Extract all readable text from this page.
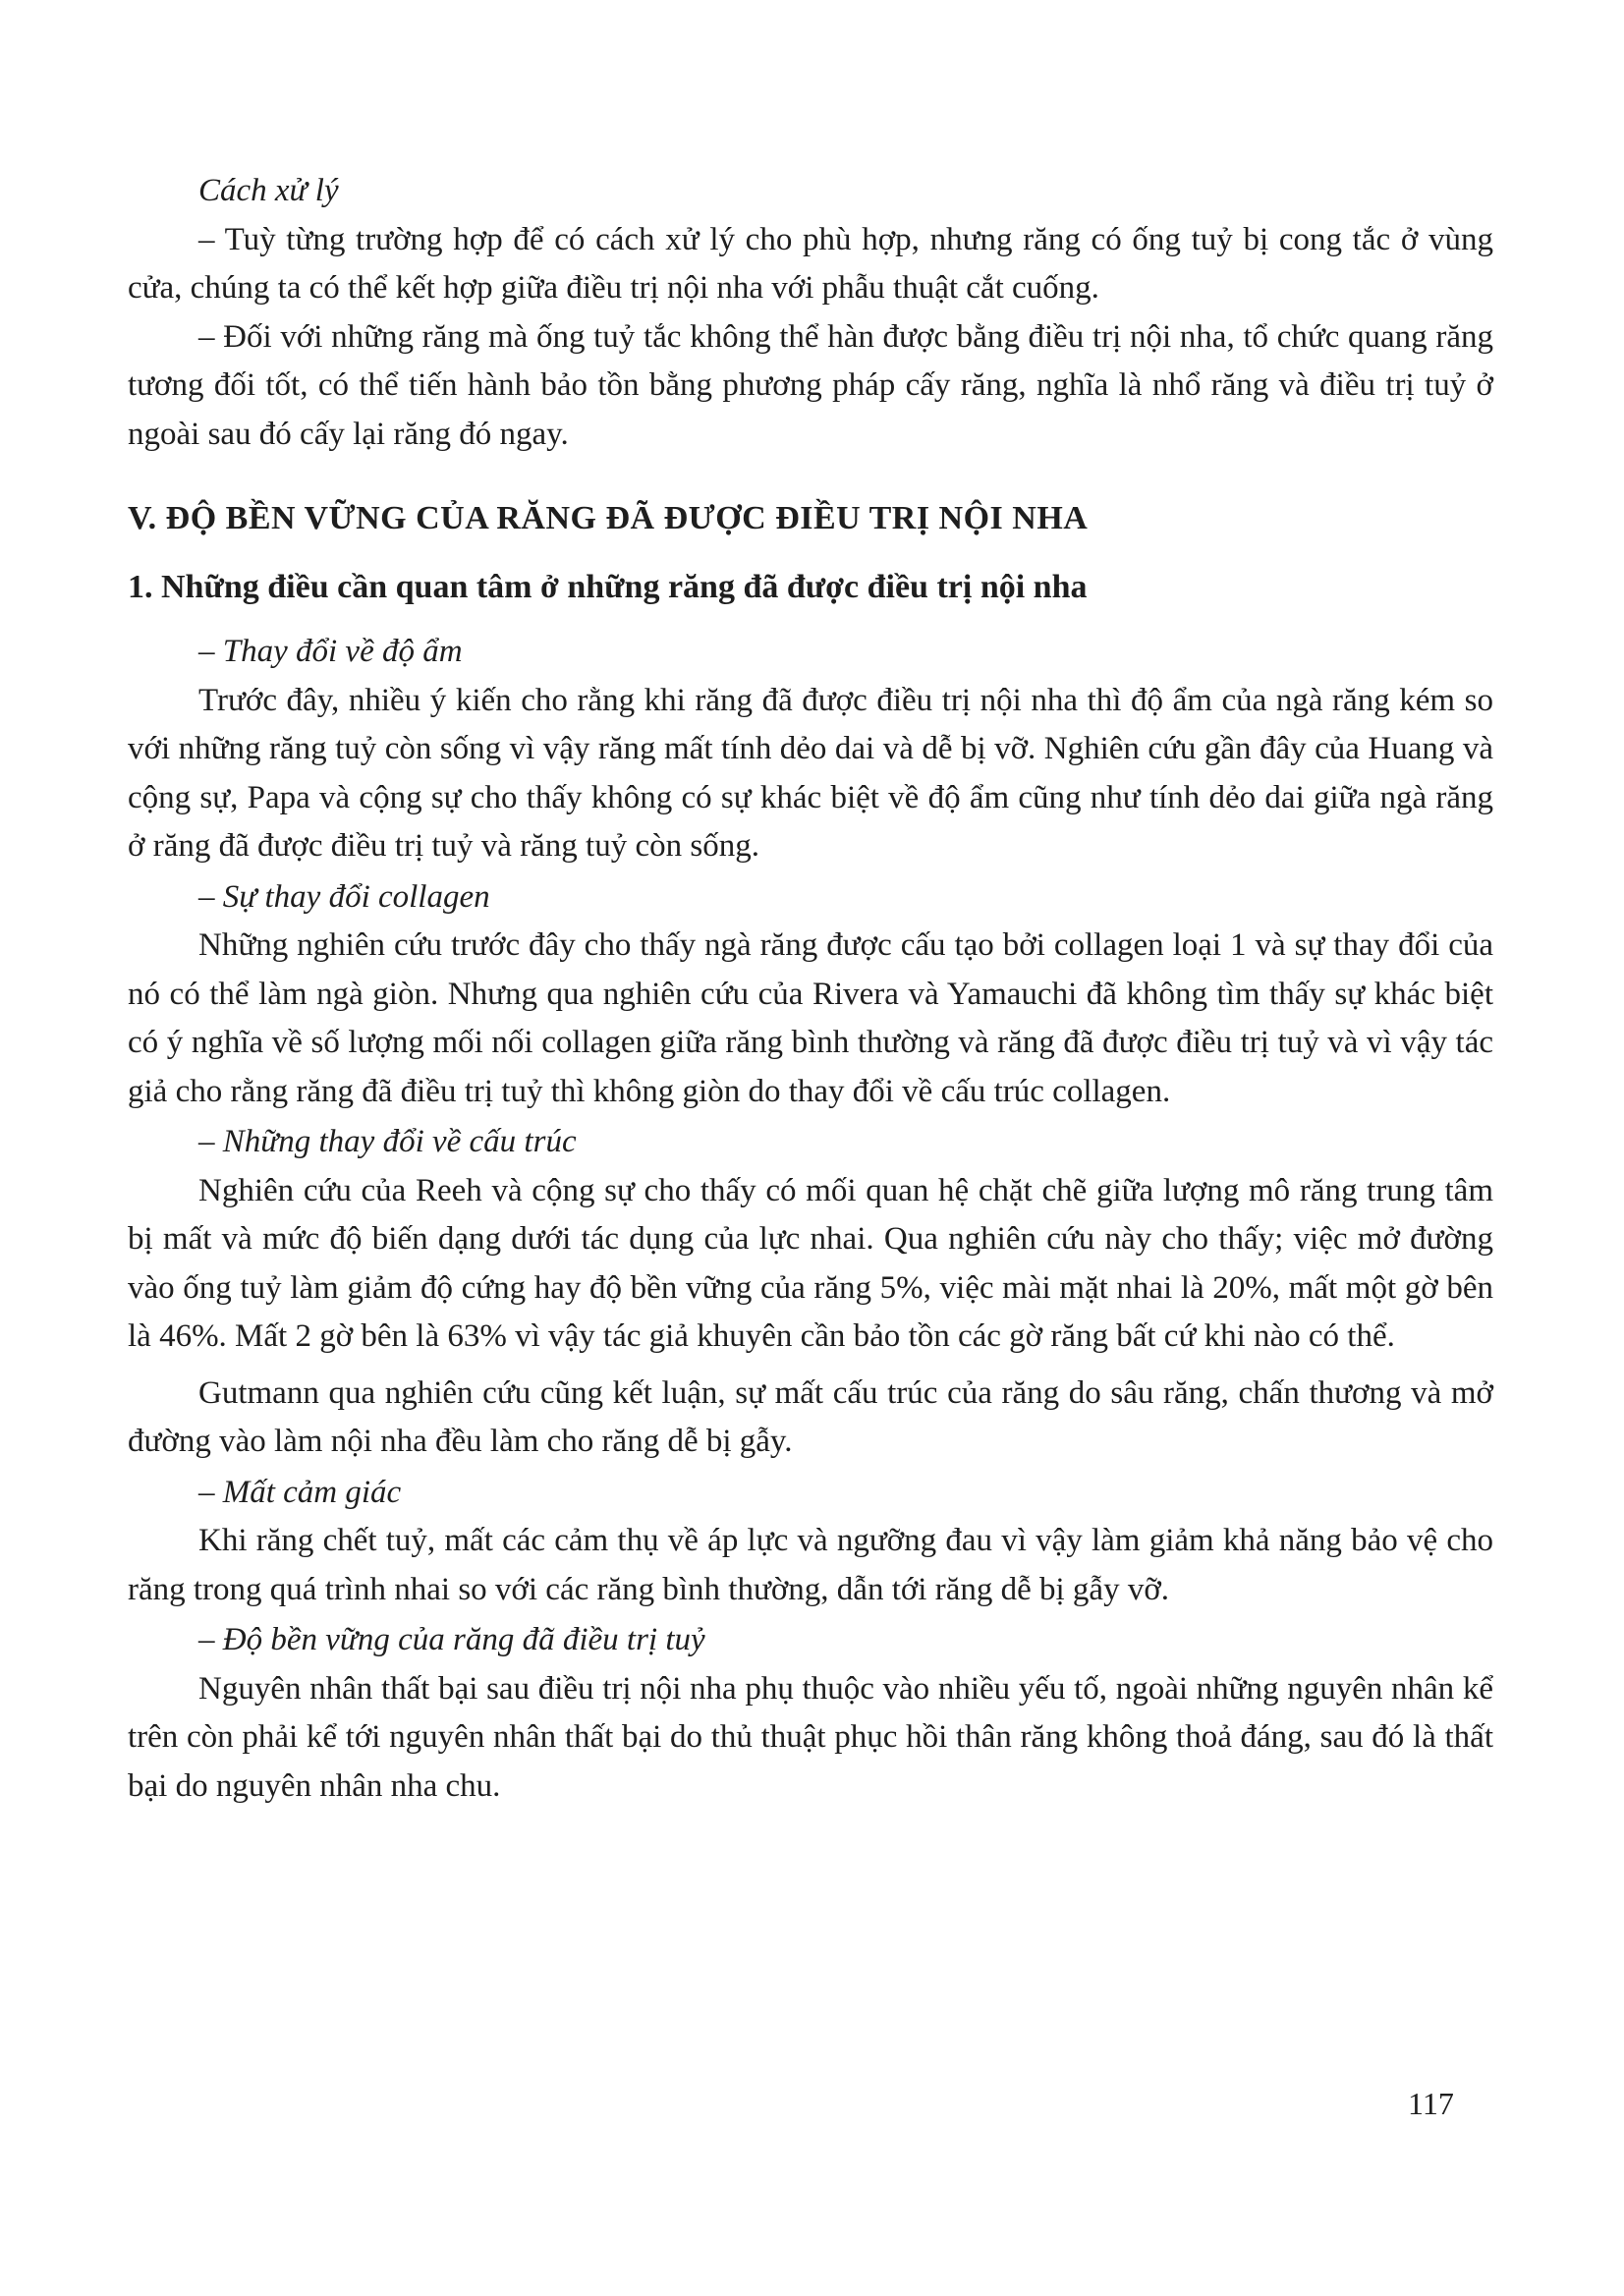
Cách xử lý

– Tuỳ từng trường hợp để có cách xử lý cho phù hợp, nhưng răng có ống tuỷ bị cong tắc ở vùng cửa, chúng ta có thể kết hợp giữa điều trị nội nha với phẫu thuật cắt cuống.

– Đối với những răng mà ống tuỷ tắc không thể hàn được bằng điều trị nội nha, tổ chức quang răng tương đối tốt, có thể tiến hành bảo tồn bằng phương pháp cấy răng, nghĩa là nhổ răng và điều trị tuỷ ở ngoài sau đó cấy lại răng đó ngay.

V. ĐỘ BỀN VỮNG CỦA RĂNG ĐÃ ĐƯỢC ĐIỀU TRỊ NỘI NHA
1. Những điều cần quan tâm ở những răng đã được điều trị nội nha
– Thay đổi về độ ẩm

Trước đây, nhiều ý kiến cho rằng khi răng đã được điều trị nội nha thì độ ẩm của ngà răng kém so với những răng tuỷ còn sống vì vậy răng mất tính dẻo dai và dễ bị vỡ. Nghiên cứu gần đây của Huang và cộng sự, Papa và cộng sự cho thấy không có sự khác biệt về độ ẩm cũng như tính dẻo dai giữa ngà răng ở răng đã được điều trị tuỷ và răng tuỷ còn sống.

– Sự thay đổi collagen

Những nghiên cứu trước đây cho thấy ngà răng được cấu tạo bởi collagen loại 1 và sự thay đổi của nó có thể làm ngà giòn. Nhưng qua nghiên cứu của Rivera và Yamauchi đã không tìm thấy sự khác biệt có ý nghĩa về số lượng mối nối collagen giữa răng bình thường và răng đã được điều trị tuỷ và vì vậy tác giả cho rằng răng đã điều trị tuỷ thì không giòn do thay đổi về cấu trúc collagen.

– Những thay đổi về cấu trúc

Nghiên cứu của Reeh và cộng sự cho thấy có mối quan hệ chặt chẽ giữa lượng mô răng trung tâm bị mất và mức độ biến dạng dưới tác dụng của lực nhai. Qua nghiên cứu này cho thấy; việc mở đường vào ống tuỷ làm giảm độ cứng hay độ bền vững của răng 5%, việc mài mặt nhai là 20%, mất một gờ bên là 46%. Mất 2 gờ bên là 63% vì vậy tác giả khuyên cần bảo tồn các gờ răng bất cứ khi nào có thể.

Gutmann qua nghiên cứu cũng kết luận, sự mất cấu trúc của răng do sâu răng, chấn thương và mở đường vào làm nội nha đều làm cho răng dễ bị gẫy.

– Mất cảm giác

Khi răng chết tuỷ, mất các cảm thụ về áp lực và ngưỡng đau vì vậy làm giảm khả năng bảo vệ cho răng trong quá trình nhai so với các răng bình thường, dẫn tới răng dễ bị gẫy vỡ.

– Độ bền vững của răng đã điều trị tuỷ

Nguyên nhân thất bại sau điều trị nội nha phụ thuộc vào nhiều yếu tố, ngoài những nguyên nhân kể trên còn phải kể tới nguyên nhân thất bại do thủ thuật phục hồi thân răng không thoả đáng, sau đó là thất bại do nguyên nhân nha chu.

117
